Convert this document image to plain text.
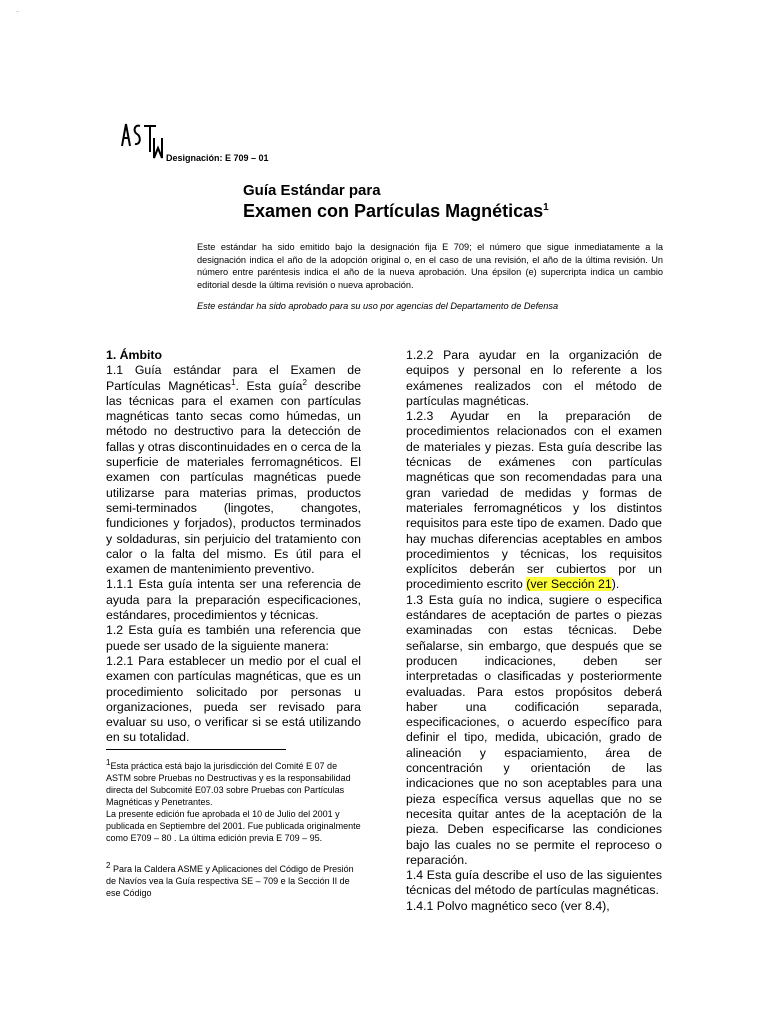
ASTM
Designación: E 709 – 01
Guía Estándar para
Examen con Partículas Magnéticas$^1$
Este estándar ha sido emitido bajo la designación fija E 709; el número que sigue inmediatamente a la designación indica el año de la adopción original o, en el caso de una revisión, el año de la última revisión. Un número entre paréntesis indica el año de la nueva aprobación. Una épsilon (e) supercripta indica un cambio editorial desde la última revisión o nueva aprobación.
Este estándar ha sido aprobado para su uso por agencias del Departamento de Defensa

1. Ámbito

1.1 Guía estándar para el Examen de Partículas Magnéticas$^1$. Esta guía$^2$ describe las técnicas para el examen con partículas magnéticas tanto secas como húmedas, un método no destructivo para la detección de fallas y otras discontinuidades en o cerca de la superficie de materiales ferromagnéticos. El examen con partículas magnéticas puede utilizarse para materias primas, productos semi-terminados (lingotes, changotes, fundiciones y forjados), productos terminados y soldaduras, sin perjuicio del tratamiento con calor o la falta del mismo. Es útil para el examen de mantenimiento preventivo.

1.1.1 Esta guía intenta ser una referencia de ayuda para la preparación especificaciones, estándares, procedimientos y técnicas.

1.2 Esta guía es también una referencia que puede ser usado de la siguiente manera:

1.2.1 Para establecer un medio por el cual el examen con partículas magnéticas, que es un procedimiento solicitado por personas u organizaciones, pueda ser revisado para evaluar su uso, o verificar si se está utilizando en su totalidad.

1.2.2 Para ayudar en la organización de equipos y personal en lo referente a los exámenes realizados con el método de partículas magnéticas.

1.2.3 Ayudar en la preparación de procedimientos relacionados con el examen de materiales y piezas. Esta guía describe las técnicas de exámenes con partículas magnéticas que son recomendadas para una gran variedad de medidas y formas de materiales ferromagnéticos y los distintos requisitos para este tipo de examen. Dado que hay muchas diferencias aceptables en ambos procedimientos y técnicas, los requisitos explícitos deberán ser cubiertos por un procedimiento escrito (ver Sección 21).

1.3 Esta guía no indica, sugiere o especifica estándares de aceptación de partes o piezas examinadas con estas técnicas. Debe señalarse, sin embargo, que después que se producen indicaciones, deben ser interpretadas o clasificadas y posteriormente evaluadas. Para estos propósitos deberá haber una codificación separada, especificaciones, o acuerdo específico para definir el tipo, medida, ubicación, grado de alineación y espaciamiento, área de concentración y orientación de las indicaciones que no son aceptables para una pieza específica versus aquellas que no se necesita quitar antes de la aceptación de la pieza. Deben especificarse las condiciones bajo las cuales no se permite el reproceso o reparación.

1.4 Esta guía describe el uso de las siguientes técnicas del método de partículas magnéticas.

1.4.1 Polvo magnético seco (ver 8.4),

$^1$Esta práctica está bajo la jurisdicción del Comité E 07 de ASTM sobre Pruebas no Destructivas y es la responsabilidad directa del Subcomité E07.03 sobre Pruebas con Partículas Magnéticas y Penetrantes.

La presente edición fue aprobada el 10 de Julio del 2001 y publicada en Septiembre del 2001. Fue publicada originalmente como E709 – 80 . La última edición previa E 709 – 95.

$^2$ Para la Caldera ASME y Aplicaciones del Código de Presión de Navíos vea la Guía respectiva SE – 709 e la Sección II de ese Código
